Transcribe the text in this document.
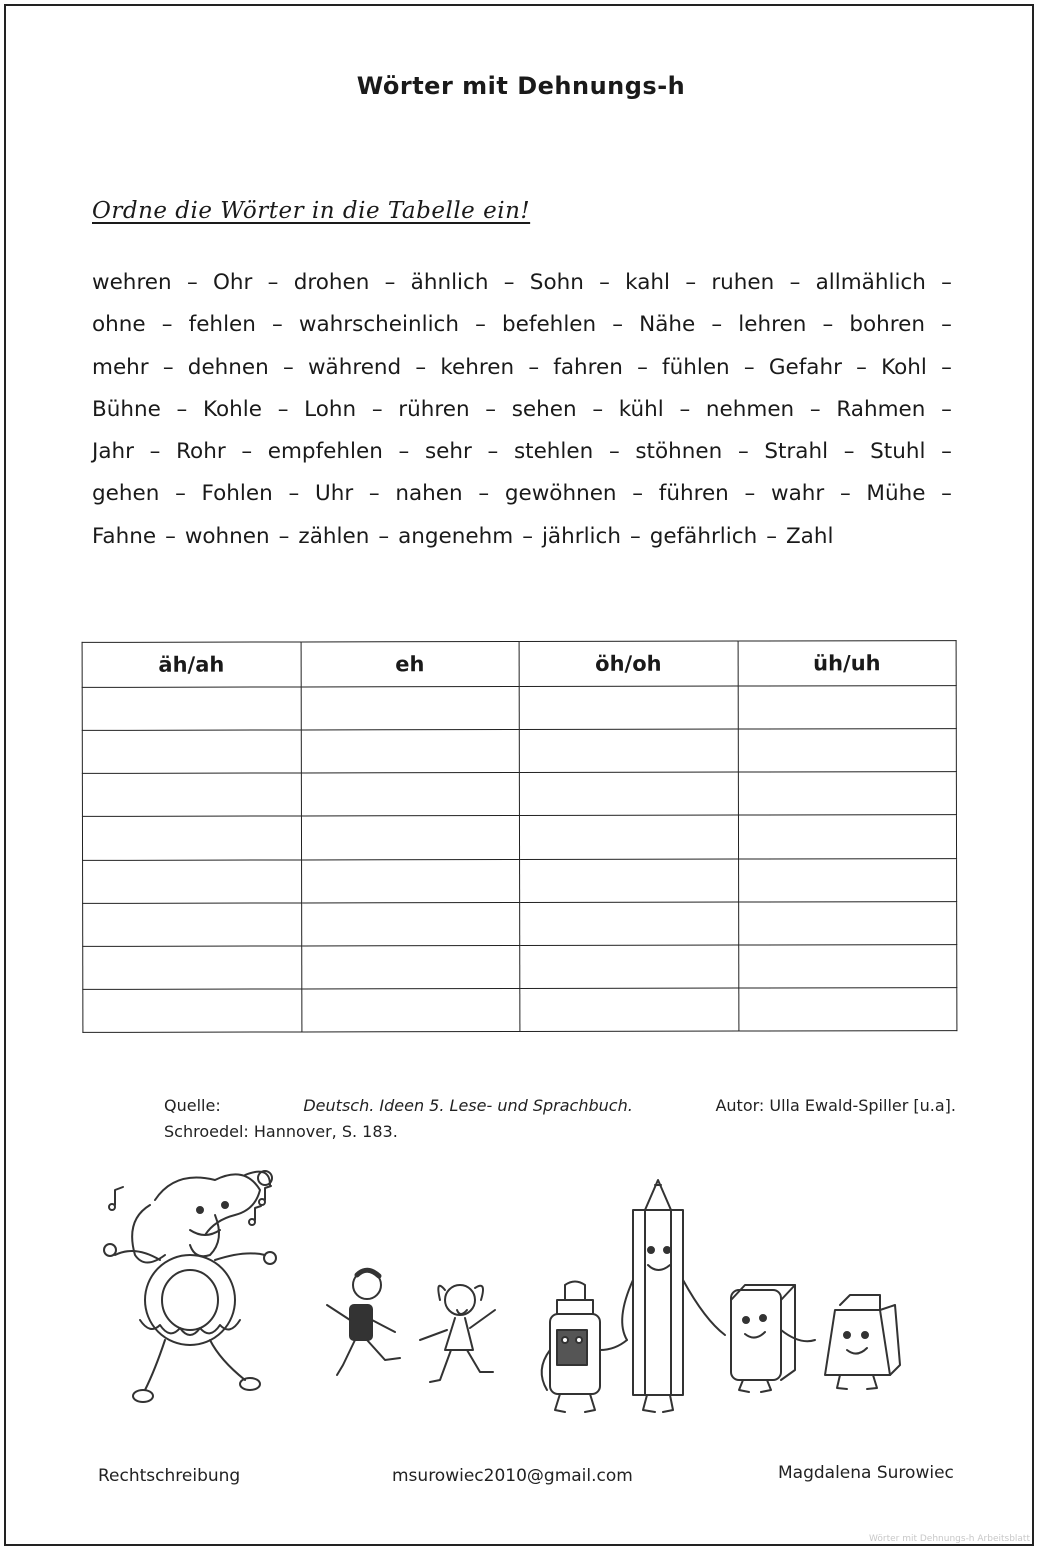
Wörter mit Dehnungs-h
Ordne die Wörter in die Tabelle ein!
wehren – Ohr – drohen – ähnlich – Sohn – kahl – ruhen – allmählich –
ohne – fehlen – wahrscheinlich – befehlen – Nähe – lehren – bohren –
mehr – dehnen – während – kehren – fahren – fühlen – Gefahr – Kohl –
Bühne – Kohle – Lohn – rühren – sehen – kühl – nehmen – Rahmen –
Jahr – Rohr – empfehlen – sehr – stehlen – stöhnen – Strahl – Stuhl –
gehen – Fohlen – Uhr – nahen – gewöhnen – führen – wahr – Mühe –
Fahne – wohnen – zählen – angenehm – jährlich – gefährlich – Zahl
äh/ah	eh	öh/oh	üh/uh

Quelle:	Deutsch. Ideen 5. Lese- und Sprachbuch.	Autor: Ulla Ewald-Spiller [u.a].
Schroedel: Hannover, S. 183.
Rechtschreibung	msurowiec2010@gmail.com	Magdalena Surowiec
Wörter mit Dehnungs-h Arbeitsblatt
